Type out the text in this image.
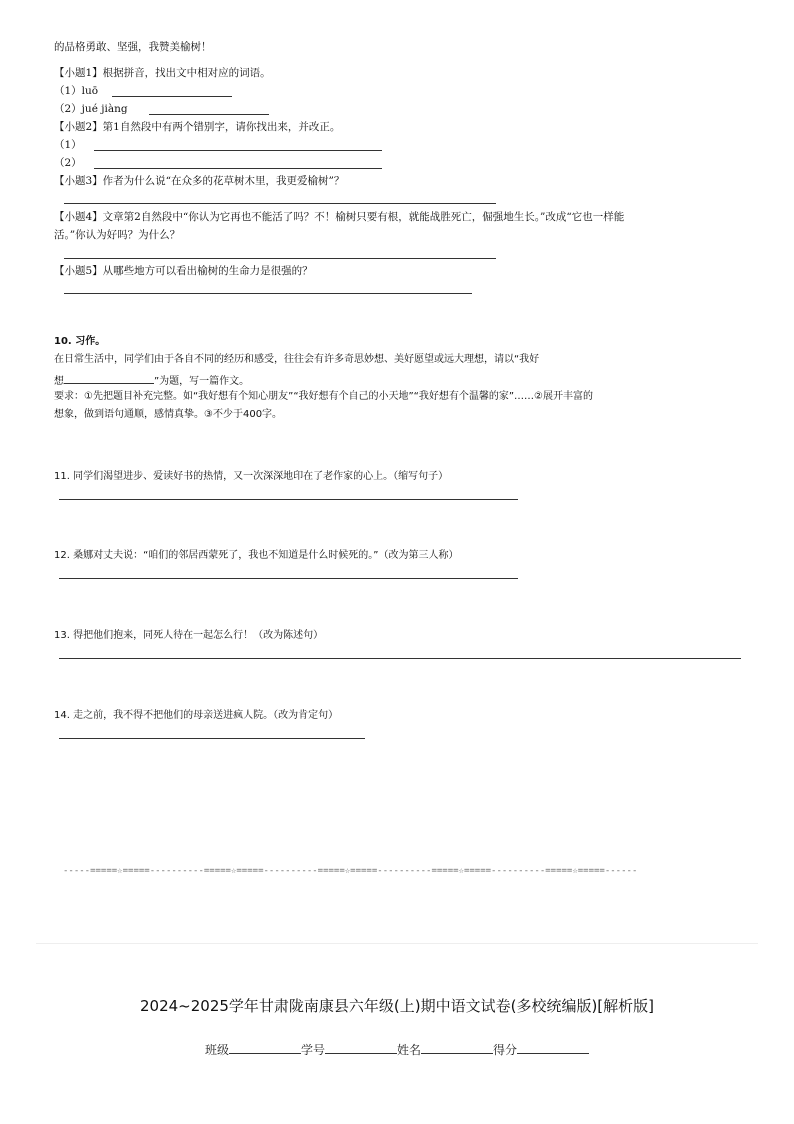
的品格勇敢、坚强，我赞美榆树！
【小题1】根据拼音，找出文中相对应的词语。
（1）luō
（2）jué jiàng
【小题2】第1自然段中有两个错别字，请你找出来，并改正。
（1）
（2）
【小题3】作者为什么说“在众多的花草树木里，我更爱榆树”？
【小题4】文章第2自然段中“你认为它再也不能活了吗？不！榆树只要有根，就能战胜死亡，倔强地生长。”改成“它也一样能
活。”你认为好吗？为什么？
【小题5】从哪些地方可以看出榆树的生命力是很强的？
10. 习作。
在日常生活中，同学们由于各自不同的经历和感受，往往会有许多奇思妙想、美好愿望或远大理想，请以“我好
想	”为题，写一篇作文。
要求：①先把题目补充完整。如“我好想有个知心朋友”“我好想有个自己的小天地”“我好想有个温馨的家”……②展开丰富的
想象，做到语句通顺，感情真挚。③不少于400字。
11. 同学们渴望进步、爱读好书的热情，又一次深深地印在了老作家的心上。（缩写句子）
12. 桑娜对丈夫说：“咱们的邻居西蒙死了，我也不知道是什么时候死的。”（改为第三人称）
13. 得把他们抱来，同死人待在一起怎么行！（改为陈述句）
14. 走之前，我不得不把他们的母亲送进疯人院。（改为肯定句）
-----=====☆=====----------=====☆=====----------=====☆=====----------=====☆=====----------=====☆=====------
2024~2025学年甘肃陇南康县六年级(上)期中语文试卷(多校统编版)[解析版]
班级	学号	姓名	得分
